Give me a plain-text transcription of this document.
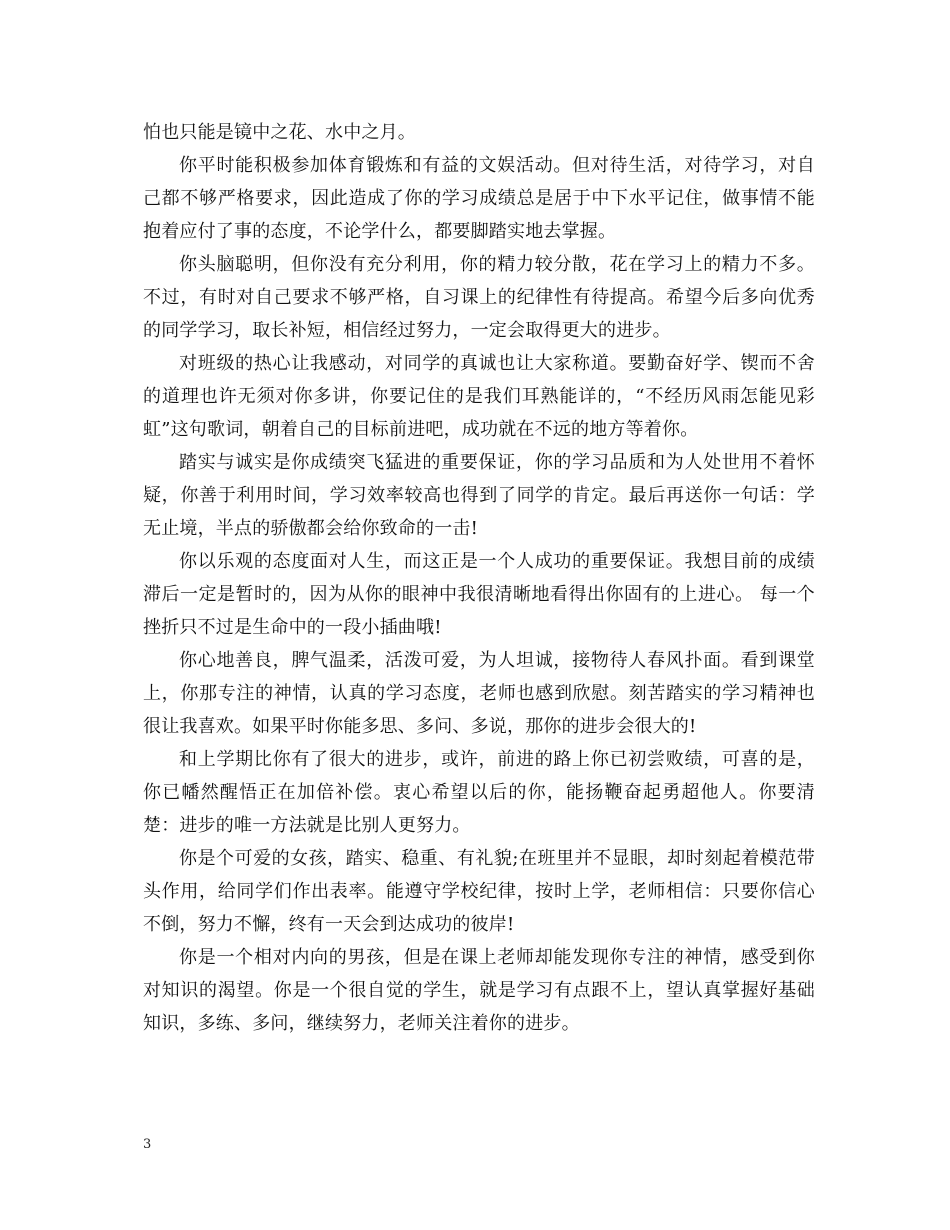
怕也只能是镜中之花、水中之月。

你平时能积极参加体育锻炼和有益的文娱活动。但对待生活，对待学习，对自己都不够严格要求，因此造成了你的学习成绩总是居于中下水平记住，做事情不能抱着应付了事的态度，不论学什么，都要脚踏实地去掌握。

你头脑聪明，但你没有充分利用，你的精力较分散，花在学习上的精力不多。不过，有时对自己要求不够严格，自习课上的纪律性有待提高。希望今后多向优秀的同学学习，取长补短，相信经过努力，一定会取得更大的进步。

对班级的热心让我感动，对同学的真诚也让大家称道。要勤奋好学、锲而不舍的道理也许无须对你多讲，你要记住的是我们耳熟能详的，“不经历风雨怎能见彩虹”这句歌词，朝着自己的目标前进吧，成功就在不远的地方等着你。

踏实与诚实是你成绩突飞猛进的重要保证，你的学习品质和为人处世用不着怀疑，你善于利用时间，学习效率较高也得到了同学的肯定。最后再送你一句话：学无止境，半点的骄傲都会给你致命的一击!

你以乐观的态度面对人生，而这正是一个人成功的重要保证。我想目前的成绩滞后一定是暂时的，因为从你的眼神中我很清晰地看得出你固有的上进心。 每一个挫折只不过是生命中的一段小插曲哦!

你心地善良，脾气温柔，活泼可爱，为人坦诚，接物待人春风扑面。看到课堂上，你那专注的神情，认真的学习态度，老师也感到欣慰。刻苦踏实的学习精神也很让我喜欢。如果平时你能多思、多问、多说，那你的进步会很大的!

和上学期比你有了很大的进步，或许，前进的路上你已初尝败绩，可喜的是，你已幡然醒悟正在加倍补偿。衷心希望以后的你，能扬鞭奋起勇超他人。你要清楚：进步的唯一方法就是比别人更努力。

你是个可爱的女孩，踏实、稳重、有礼貌;在班里并不显眼，却时刻起着模范带头作用，给同学们作出表率。能遵守学校纪律，按时上学，老师相信：只要你信心不倒，努力不懈，终有一天会到达成功的彼岸!

你是一个相对内向的男孩，但是在课上老师却能发现你专注的神情，感受到你对知识的渴望。你是一个很自觉的学生，就是学习有点跟不上，望认真掌握好基础知识，多练、多问，继续努力，老师关注着你的进步。

3
